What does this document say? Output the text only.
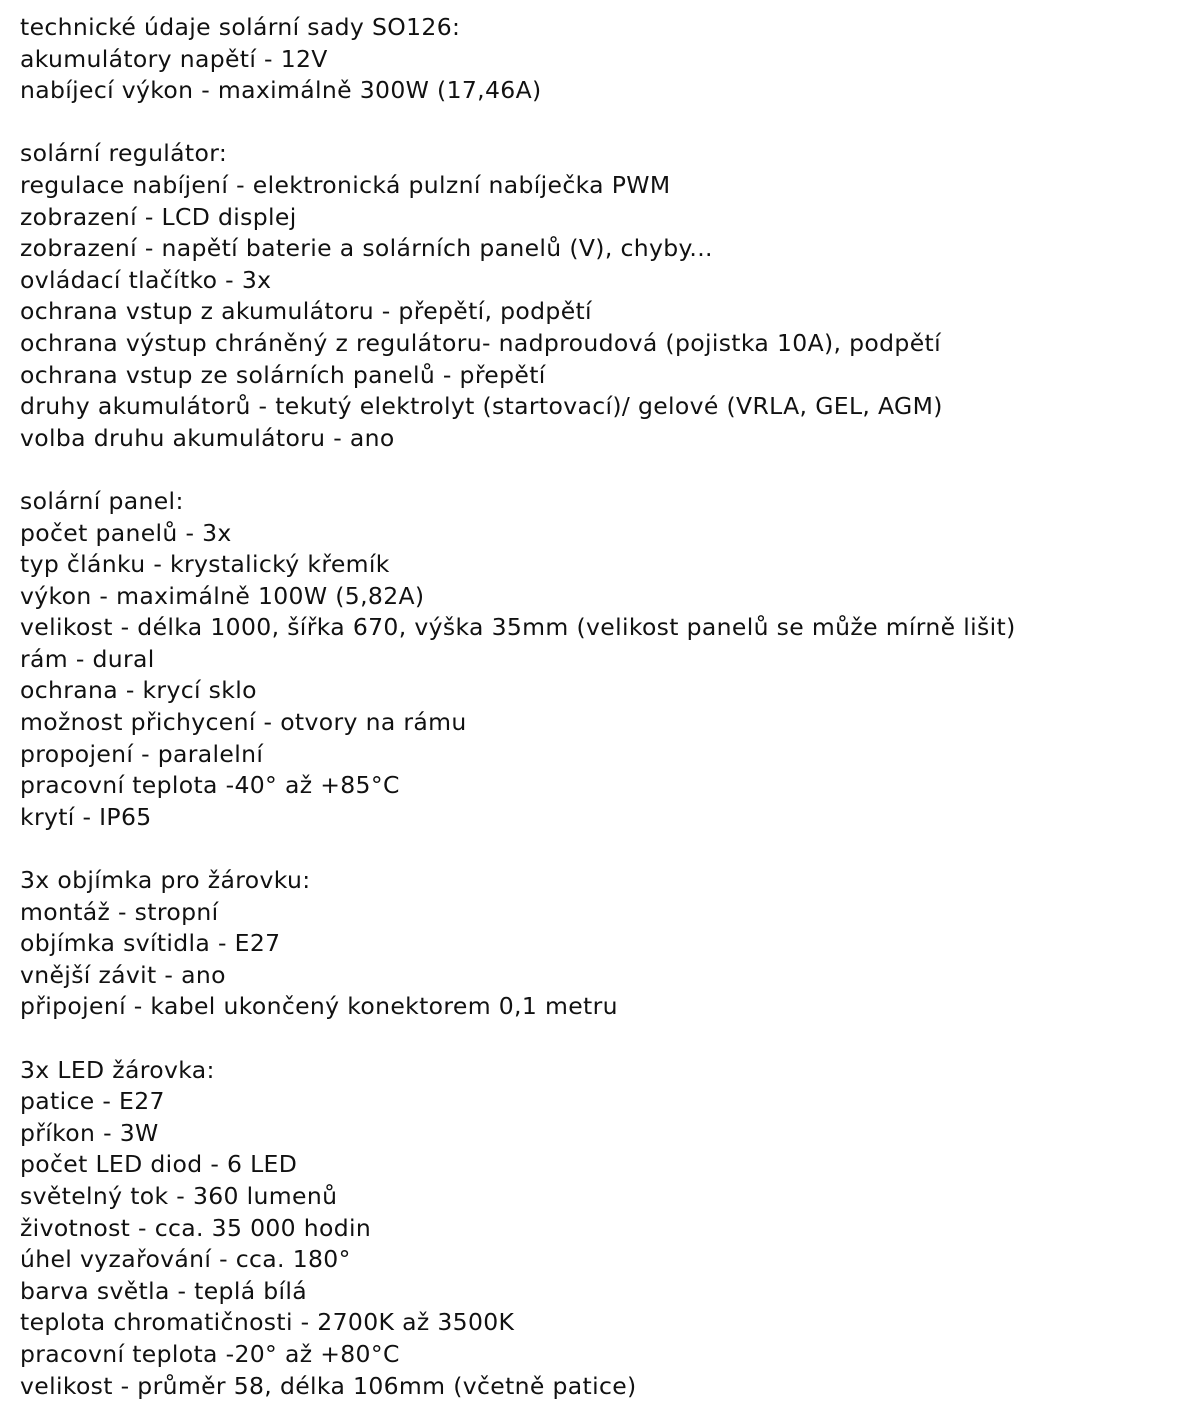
technické údaje solární sady SO126:
akumulátory napětí - 12V
nabíjecí výkon - maximálně 300W (17,46A)
solární regulátor:
regulace nabíjení - elektronická pulzní nabíječka PWM
zobrazení - LCD displej
zobrazení - napětí baterie a solárních panelů (V), chyby...
ovládací tlačítko - 3x
ochrana vstup z akumulátoru - přepětí, podpětí
ochrana výstup chráněný z regulátoru- nadproudová (pojistka 10A), podpětí
ochrana vstup ze solárních panelů - přepětí
druhy akumulátorů - tekutý elektrolyt (startovací)/ gelové (VRLA, GEL, AGM)
volba druhu akumulátoru - ano
solární panel:
počet panelů - 3x
typ článku - krystalický křemík
výkon - maximálně 100W (5,82A)
velikost - délka 1000, šířka 670, výška 35mm (velikost panelů se může mírně lišit)
rám - dural
ochrana - krycí sklo
možnost přichycení - otvory na rámu
propojení - paralelní
pracovní teplota -40° až +85°C
krytí - IP65
3x objímka pro žárovku:
montáž - stropní
objímka svítidla - E27
vnější závit - ano
připojení - kabel ukončený konektorem 0,1 metru
3x LED žárovka:
patice - E27
příkon - 3W
počet LED diod - 6 LED
světelný tok - 360 lumenů
životnost - cca. 35 000 hodin
úhel vyzařování - cca. 180°
barva světla - teplá bílá
teplota chromatičnosti - 2700K až 3500K
pracovní teplota -20° až +80°C
velikost - průměr 58, délka 106mm (včetně patice)
